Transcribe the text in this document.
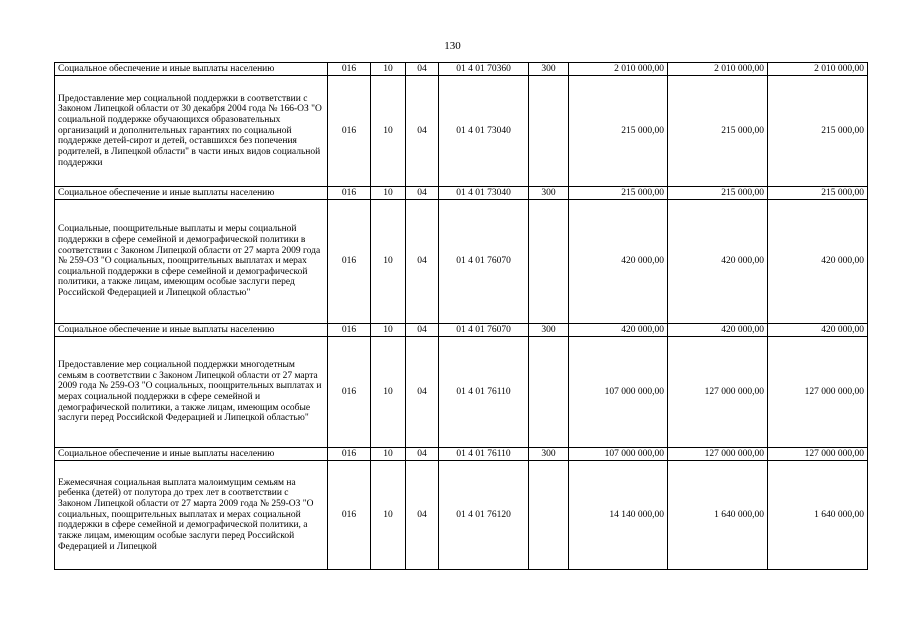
130
Социальное обеспечение и иные выплаты населению	016	10	04	01 4 01 70360	300	2 010 000,00	2 010 000,00	2 010 000,00
Предоставление мер социальной поддержки в соответствии с Законом Липецкой области от 30 декабря 2004 года № 166-ОЗ "О социальной поддержке обучающихся образовательных организаций и дополнительных гарантиях по социальной поддержке детей-сирот и детей, оставшихся без попечения родителей, в Липецкой области" в части иных видов социальной поддержки	016	10	04	01 4 01 73040		215 000,00	215 000,00	215 000,00
Социальное обеспечение и иные выплаты населению	016	10	04	01 4 01 73040	300	215 000,00	215 000,00	215 000,00
Социальные, поощрительные выплаты и меры социальной поддержки в сфере семейной и демографической политики в соответствии с Законом Липецкой области от 27 марта 2009 года № 259-ОЗ "О социальных, поощрительных выплатах и мерах социальной поддержки в сфере семейной и демографической политики, а также лицам, имеющим особые заслуги перед Российской Федерацией и Липецкой областью"	016	10	04	01 4 01 76070		420 000,00	420 000,00	420 000,00
Социальное обеспечение и иные выплаты населению	016	10	04	01 4 01 76070	300	420 000,00	420 000,00	420 000,00
Предоставление мер социальной поддержки многодетным семьям в соответствии с Законом Липецкой области от 27 марта 2009 года № 259-ОЗ "О социальных, поощрительных выплатах и мерах социальной поддержки в сфере семейной и демографической политики, а также лицам, имеющим особые заслуги перед Российской Федерацией и Липецкой областью"	016	10	04	01 4 01 76110		107 000 000,00	127 000 000,00	127 000 000,00
Социальное обеспечение и иные выплаты населению	016	10	04	01 4 01 76110	300	107 000 000,00	127 000 000,00	127 000 000,00
Ежемесячная социальная выплата малоимущим семьям на ребенка (детей) от полутора до трех лет в соответствии с Законом Липецкой области от 27 марта 2009 года № 259-ОЗ "О социальных, поощрительных выплатах и мерах социальной поддержки в сфере семейной и демографической политики, а также лицам, имеющим особые заслуги перед Российской Федерацией и Липецкой	016	10	04	01 4 01 76120		14 140 000,00	1 640 000,00	1 640 000,00
